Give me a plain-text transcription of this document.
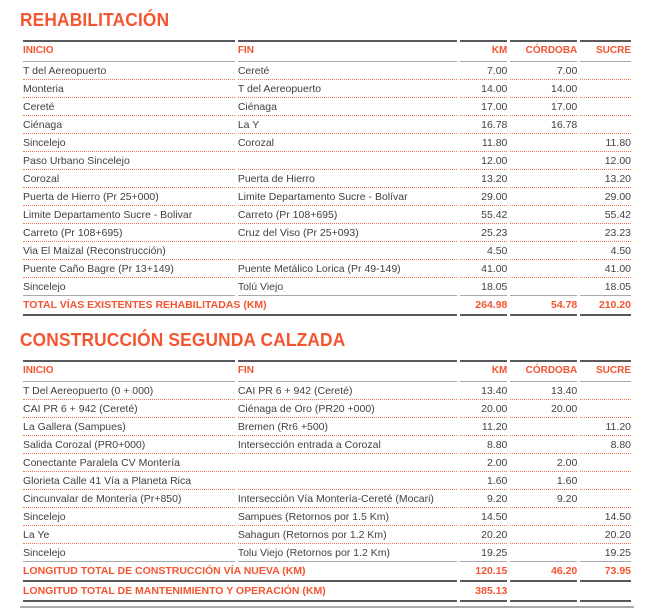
REHABILITACIÓN
INICIO	FIN	KM	CÓRDOBA	SUCRE
T del Aereopuerto	Cereté	7.00	7.00	
Monteria	T del Aereopuerto	14.00	14.00	
Cereté	Ciénaga	17.00	17.00	
Ciénaga	La Y	16.78	16.78	
Sincelejo	Corozal	11.80		11.80
Paso Urbano Sincelejo		12.00		12.00
Corozal	Puerta de Hierro	13.20		13.20
Puerta de Hierro (Pr 25+000)	Limite Departamento Sucre - Bolívar	29.00		29.00
Limite Departamento Sucre - Bolivar	Carreto (Pr 108+695)	55.42		55.42
Carreto (Pr 108+695)	Cruz del Viso (Pr 25+093)	25.23		23.23
Via El Maizal (Reconstrucción)		4.50		4.50
Puente Caño Bagre (Pr 13+149)	Puente Metálico Lorica (Pr 49-149)	41.00		41.00
Sincelejo	Tolú Viejo	18.05		18.05
TOTAL VÍAS EXISTENTES REHABILITADAS (KM)		264.98	54.78	210.20
CONSTRUCCIÓN SEGUNDA CALZADA
INICIO	FIN	KM	CÓRDOBA	SUCRE
T Del Aereopuerto (0 + 000)	CAI PR 6 + 942 (Cereté)	13.40	13.40	
CAI PR 6 + 942 (Cereté)	Ciénaga de Oro (PR20 +000)	20.00	20.00	
La Gallera (Sampues)	Bremen (Rr6 +500)	11.20		11.20
Salida Corozal (PR0+000)	Intersección entrada a Corozal	8.80		8.80
Conectante Paralela CV Montería		2.00	2.00	
Glorieta Calle 41 Vía a Planeta Rica		1.60	1.60	
Cincunvalar de Montería (Pr+850)	Intersección Vía Montería-Cereté (Mocari)	9.20	9.20	
Sincelejo	Sampues (Retornos por 1.5 Km)	14.50		14.50
La Ye	Sahagun (Retornos por 1.2 Km)	20.20		20.20
Sincelejo	Tolu Viejo (Retornos por 1.2 Km)	19.25		19.25
LONGITUD TOTAL DE CONSTRUCCIÓN VÍA NUEVA (KM)		120.15	46.20	73.95
LONGITUD TOTAL DE MANTENIMIENTO Y OPERACIÓN (KM)		385.13		
